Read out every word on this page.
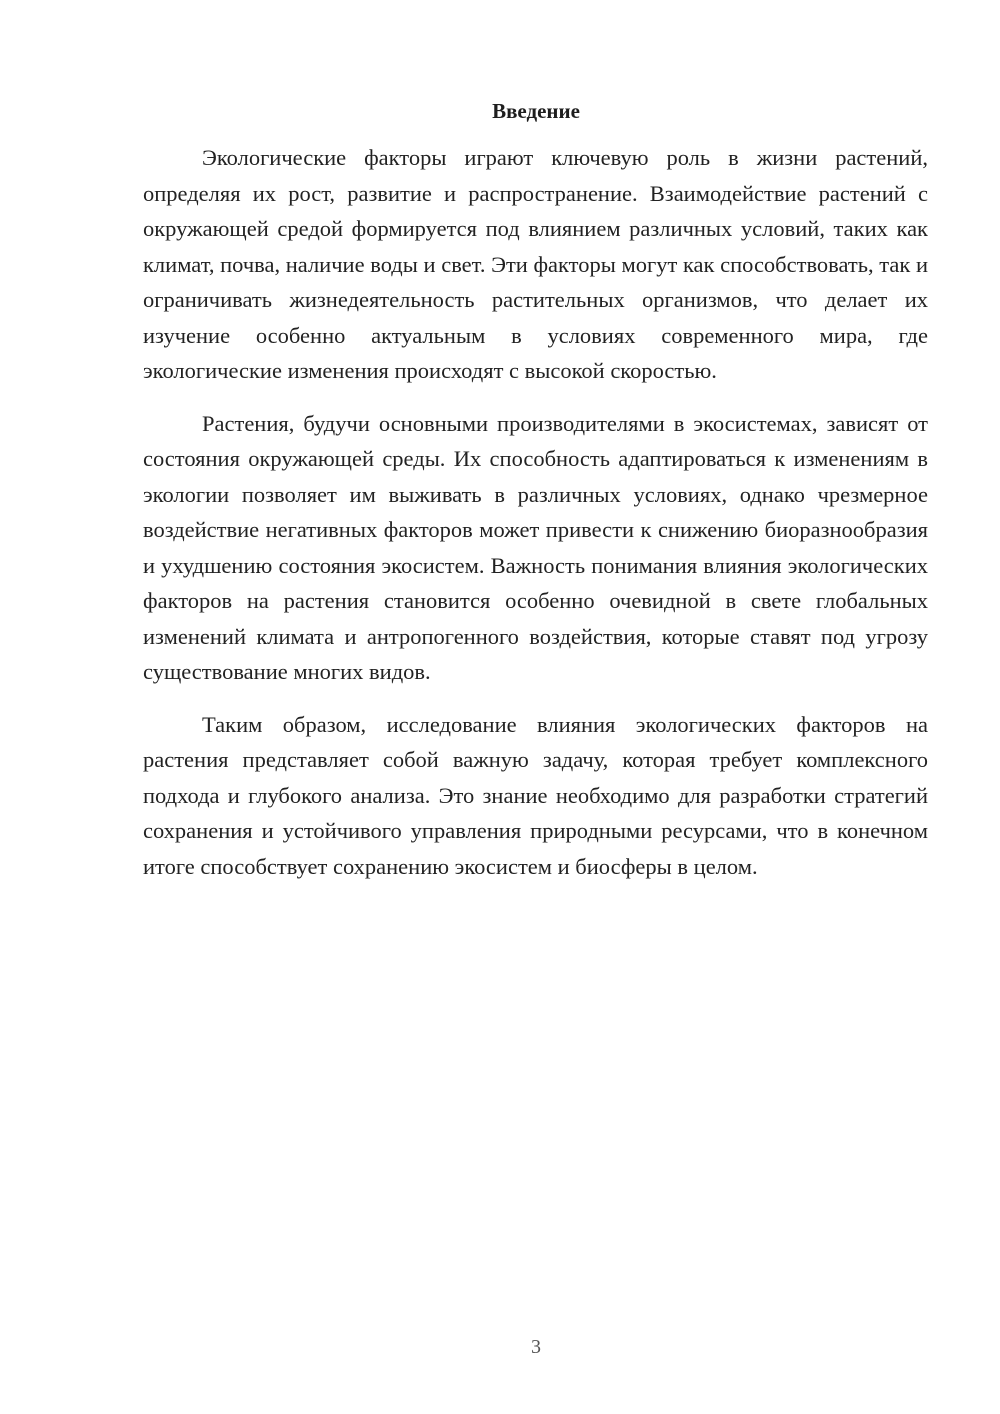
Введение

Экологические факторы играют ключевую роль в жизни растений, определяя их рост, развитие и распространение. Взаимодействие растений с окружающей средой формируется под влиянием различных условий, таких как климат, почва, наличие воды и свет. Эти факторы могут как способствовать, так и ограничивать жизнедеятельность растительных организмов, что делает их изучение особенно актуальным в условиях современного мира, где экологические изменения происходят с высокой скоростью.

Растения, будучи основными производителями в экосистемах, зависят от состояния окружающей среды. Их способность адаптироваться к изменениям в экологии позволяет им выживать в различных условиях, однако чрезмерное воздействие негативных факторов может привести к снижению биоразнообразия и ухудшению состояния экосистем. Важность понимания влияния экологических факторов на растения становится особенно очевидной в свете глобальных изменений климата и антропогенного воздействия, которые ставят под угрозу существование многих видов.

Таким образом, исследование влияния экологических факторов на растения представляет собой важную задачу, которая требует комплексного подхода и глубокого анализа. Это знание необходимо для разработки стратегий сохранения и устойчивого управления природными ресурсами, что в конечном итоге способствует сохранению экосистем и биосферы в целом.

3
